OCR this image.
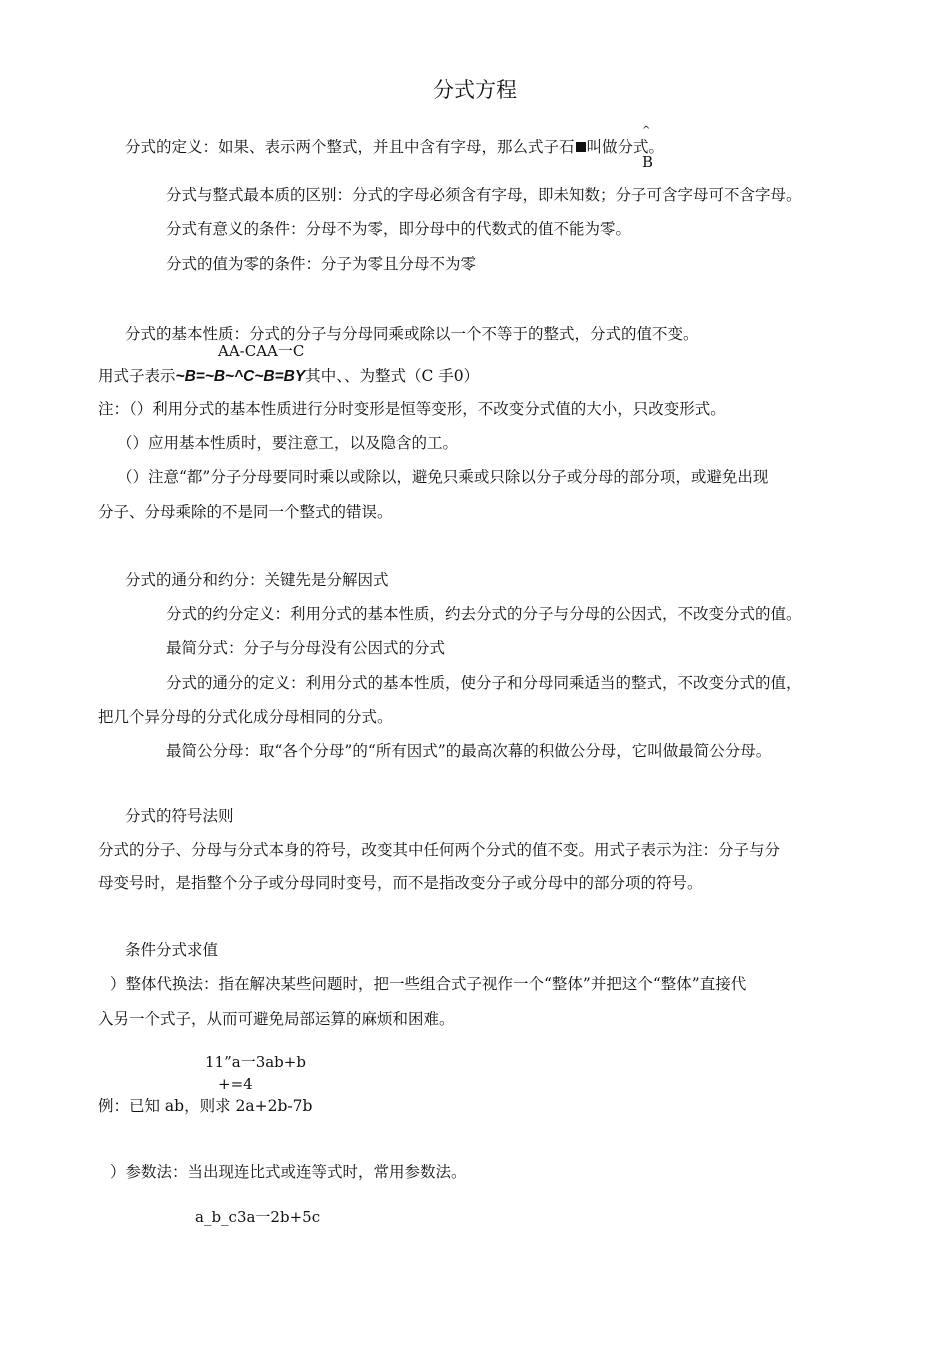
分式方程
分式的定义：如果、表示两个整式，并且中含有字母，那么式子石 叫做分式。
^
B
分式与整式最本质的区别：分式的字母必须含有字母，即未知数；分子可含字母可不含字母。
分式有意义的条件：分母不为零，即分母中的代数式的值不能为零。
分式的值为零的条件：分子为零且分母不为零
分式的基本性质：分式的分子与分母同乘或除以一个不等于的整式，分式的值不变。
AA-CAA一C
用式子表示~B=~B~^C~B=BY其中、、为整式（C 手0）
注：（）利用分式的基本性质进行分时变形是恒等变形，不改变分式值的大小，只改变形式。
（）应用基本性质时，要注意工，以及隐含的工。
（）注意“都”分子分母要同时乘以或除以，避免只乘或只除以分子或分母的部分项，或避免出现
分子、分母乘除的不是同一个整式的错误。
分式的通分和约分：关键先是分解因式
分式的约分定义：利用分式的基本性质，约去分式的分子与分母的公因式，不改变分式的值。
最简分式：分子与分母没有公因式的分式
分式的通分的定义：利用分式的基本性质，使分子和分母同乘适当的整式，不改变分式的值，
把几个异分母的分式化成分母相同的分式。
最简公分母：取“各个分母”的“所有因式”的最高次幕的积做公分母，它叫做最简公分母。
分式的符号法则
分式的分子、分母与分式本身的符号，改变其中任何两个分式的值不变。用式子表示为注：分子与分
母变号时，是指整个分子或分母同时变号，而不是指改变分子或分母中的部分项的符号。
条件分式求值
）整体代换法：指在解决某些问题时，把一些组合式子视作一个“整体”并把这个“整体”直接代
入另一个式子，从而可避免局部运算的麻烦和困难。
11”a一3ab+b
+=4
例：已知 ab，则求 2a+2b-7b
）参数法：当出现连比式或连等式时，常用参数法。
a_b_c3a一2b+5c
